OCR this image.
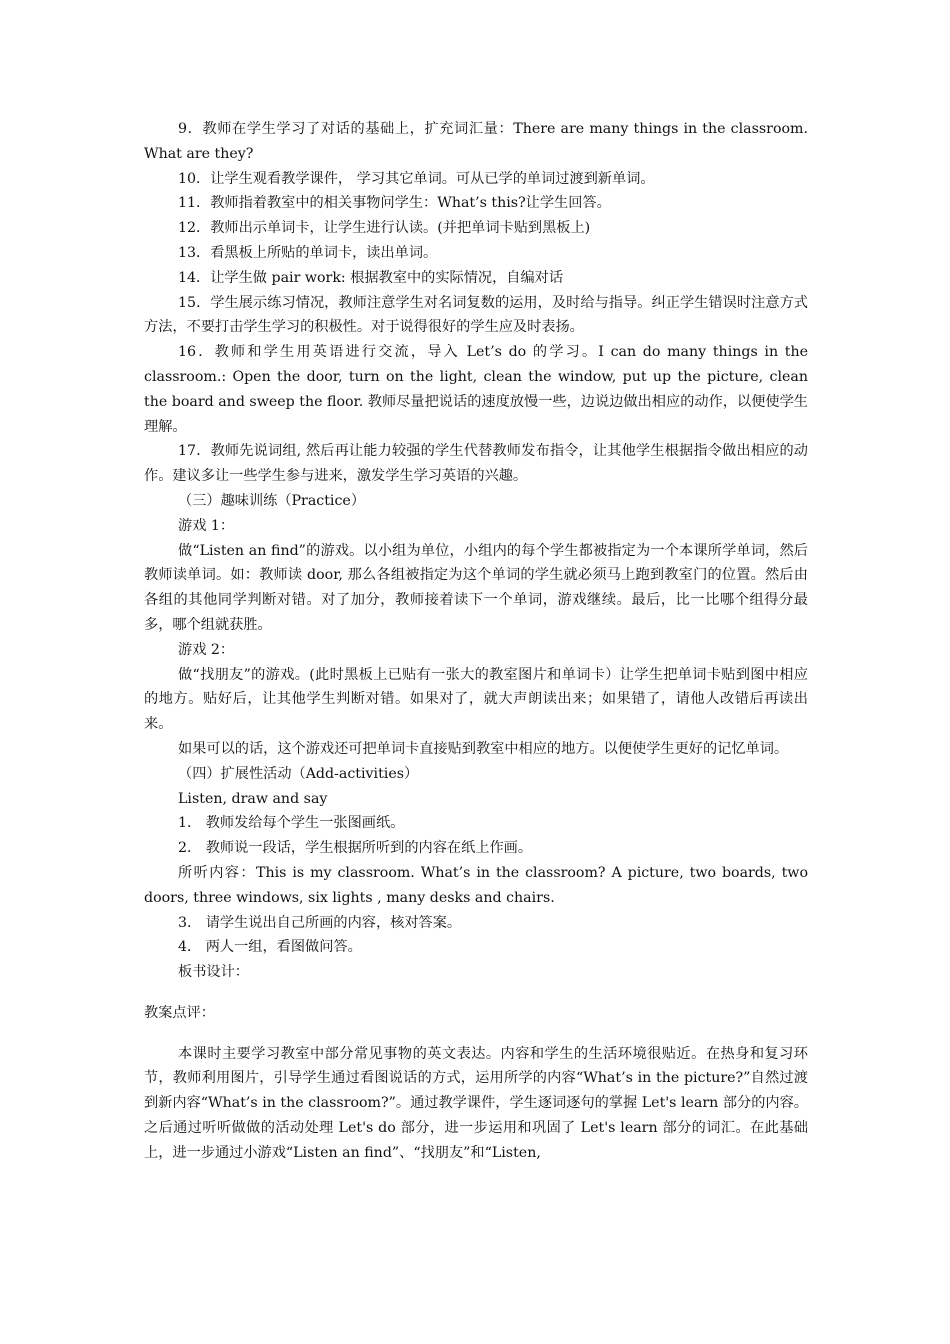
9．教师在学生学习了对话的基础上，扩充词汇量：There are many things in the classroom. What are they?

10．让学生观看教学课件， 学习其它单词。可从已学的单词过渡到新单词。

11．教师指着教室中的相关事物问学生：What’s this?让学生回答。

12．教师出示单词卡，让学生进行认读。(并把单词卡贴到黑板上)

13．看黑板上所贴的单词卡，读出单词。

14．让学生做 pair work: 根据教室中的实际情况，自编对话

15．学生展示练习情况，教师注意学生对名词复数的运用，及时给与指导。纠正学生错误时注意方式方法，不要打击学生学习的积极性。对于说得很好的学生应及时表扬。

16．教师和学生用英语进行交流，导入 Let’s do 的学习。I can do many things in the classroom.: Open the door, turn on the light, clean the window, put up the picture, clean the board and sweep the floor. 教师尽量把说话的速度放慢一些，边说边做出相应的动作，以便使学生理解。

17．教师先说词组, 然后再让能力较强的学生代替教师发布指令，让其他学生根据指令做出相应的动作。建议多让一些学生参与进来，激发学生学习英语的兴趣。

（三）趣味训练（Practice）

游戏 1：

做“Listen an find”的游戏。以小组为单位，小组内的每个学生都被指定为一个本课所学单词，然后教师读单词。如：教师读 door, 那么各组被指定为这个单词的学生就必须马上跑到教室门的位置。然后由各组的其他同学判断对错。对了加分，教师接着读下一个单词，游戏继续。最后，比一比哪个组得分最多，哪个组就获胜。

游戏 2：

做“找朋友”的游戏。(此时黑板上已贴有一张大的教室图片和单词卡）让学生把单词卡贴到图中相应的地方。贴好后，让其他学生判断对错。如果对了，就大声朗读出来；如果错了，请他人改错后再读出来。

如果可以的话，这个游戏还可把单词卡直接贴到教室中相应的地方。以便使学生更好的记忆单词。

（四）扩展性活动（Add-activities）

Listen, draw and say

1． 教师发给每个学生一张图画纸。

2． 教师说一段话，学生根据所听到的内容在纸上作画。

所听内容：This is my classroom. What’s in the classroom? A picture, two boards, two doors, three windows, six lights , many desks and chairs.

3． 请学生说出自己所画的内容，核对答案。

4． 两人一组，看图做问答。

板书设计：

教案点评：

本课时主要学习教室中部分常见事物的英文表达。内容和学生的生活环境很贴近。在热身和复习环节，教师利用图片，引导学生通过看图说话的方式，运用所学的内容“What’s in the picture?”自然过渡到新内容“What’s in the classroom?”。通过教学课件，学生逐词逐句的掌握 Let's learn 部分的内容。之后通过听听做做的活动处理 Let's do 部分，进一步运用和巩固了 Let's learn 部分的词汇。在此基础上，进一步通过小游戏“Listen an find”、“找朋友”和“Listen,
